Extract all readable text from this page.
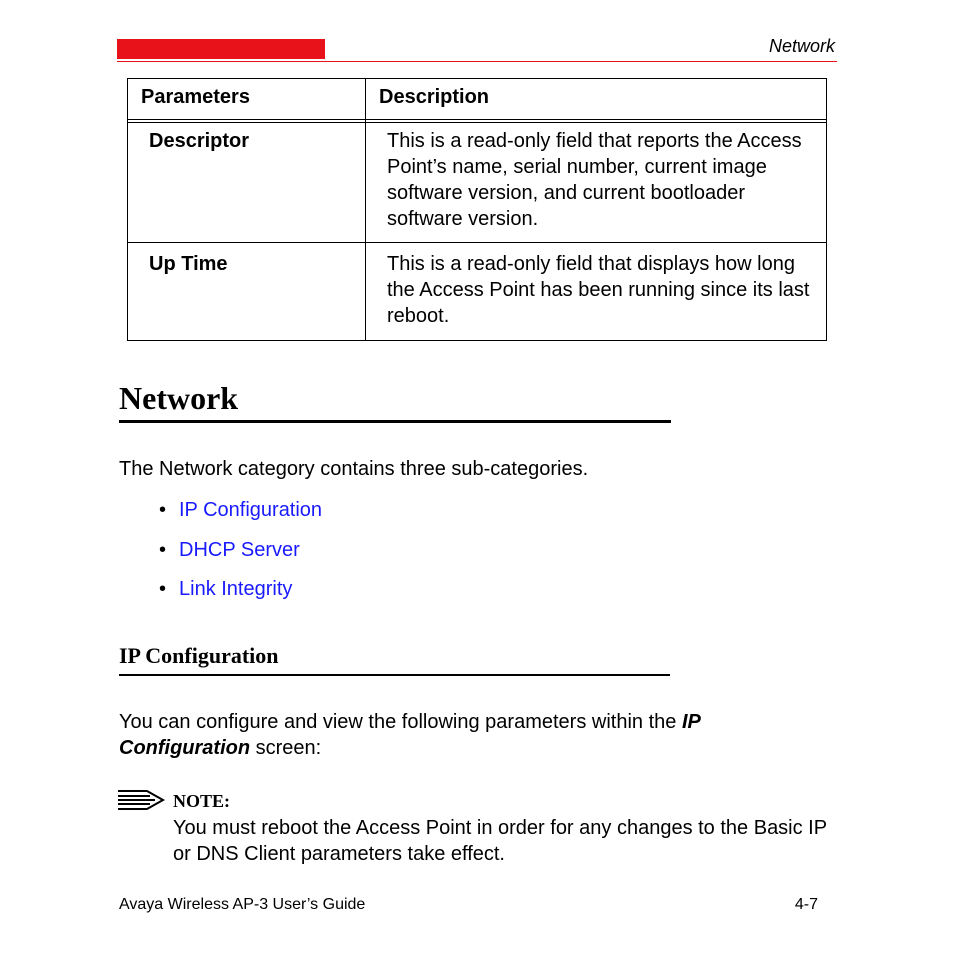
Network
Parameters	Description
Descriptor	This is a read-only field that reports the Access Point’s name, serial number, current image software version, and current bootloader software version.
Up Time	This is a read-only field that displays how long the Access Point has been running since its last reboot.
Network
The Network category contains three sub-categories.
• IP Configuration
• DHCP Server
• Link Integrity
IP Configuration
You can configure and view the following parameters within the IP Configuration screen:
NOTE:
You must reboot the Access Point in order for any changes to the Basic IP or DNS Client parameters take effect.
Avaya Wireless AP-3 User’s Guide	4-7
